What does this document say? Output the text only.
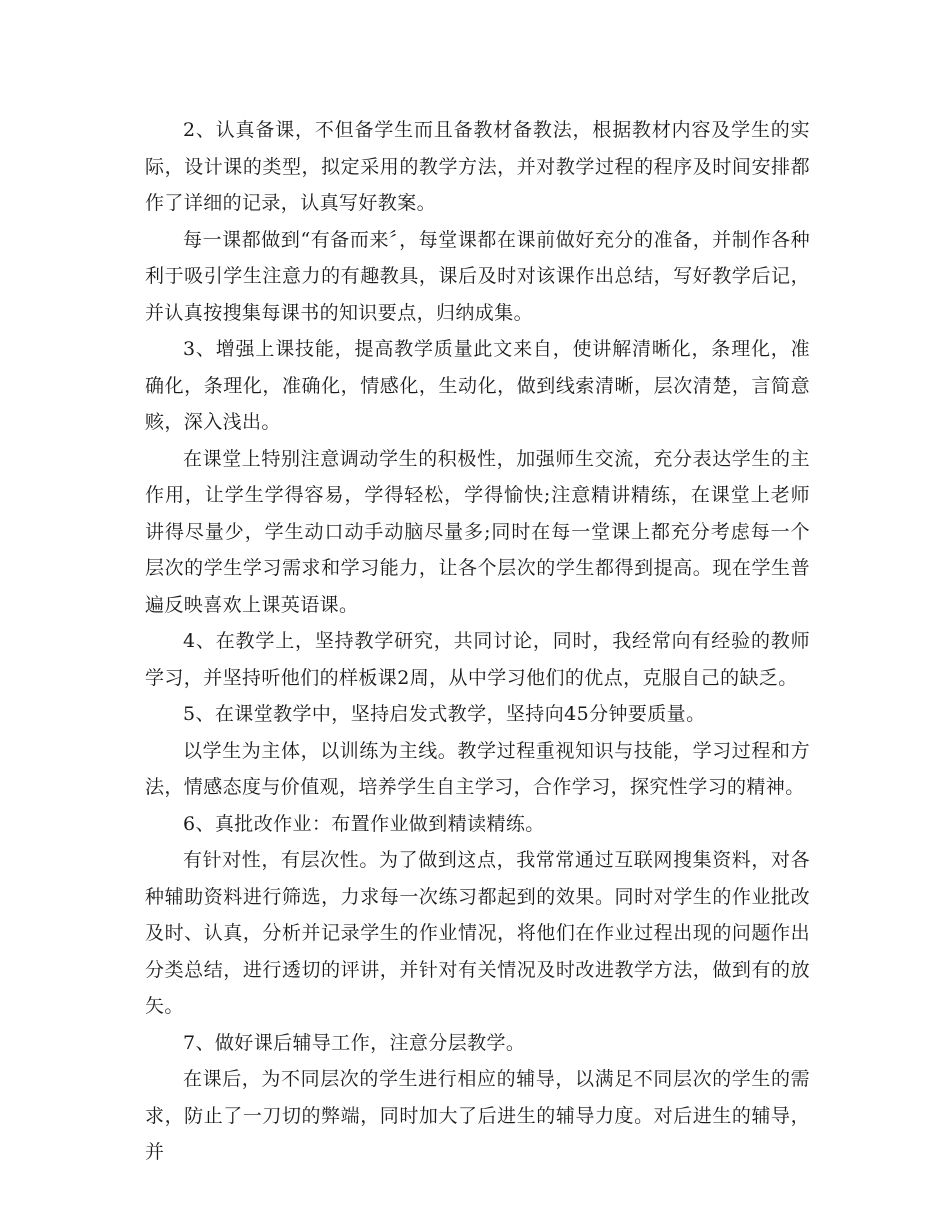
2、认真备课，不但备学生而且备教材备教法，根据教材内容及学生的实际，设计课的类型，拟定采用的教学方法，并对教学过程的程序及时间安排都作了详细的记录，认真写好教案。

每一课都做到“有备而来〞，每堂课都在课前做好充分的准备，并制作各种利于吸引学生注意力的有趣教具，课后及时对该课作出总结，写好教学后记，并认真按搜集每课书的知识要点，归纳成集。

3、增强上课技能，提高教学质量此文来自，使讲解清晰化，条理化，准确化，条理化，准确化，情感化，生动化，做到线索清晰，层次清楚，言简意赅，深入浅出。

在课堂上特别注意调动学生的积极性，加强师生交流，充分表达学生的主作用，让学生学得容易，学得轻松，学得愉快;注意精讲精练，在课堂上老师讲得尽量少，学生动口动手动脑尽量多;同时在每一堂课上都充分考虑每一个层次的学生学习需求和学习能力，让各个层次的学生都得到提高。现在学生普遍反映喜欢上课英语课。

4、在教学上，坚持教学研究，共同讨论，同时，我经常向有经验的教师学习，并坚持听他们的样板课2周，从中学习他们的优点，克服自己的缺乏。

5、在课堂教学中，坚持启发式教学，坚持向45分钟要质量。

以学生为主体，以训练为主线。教学过程重视知识与技能，学习过程和方法，情感态度与价值观，培养学生自主学习，合作学习，探究性学习的精神。

6、真批改作业：布置作业做到精读精练。

有针对性，有层次性。为了做到这点，我常常通过互联网搜集资料，对各种辅助资料进行筛选，力求每一次练习都起到的效果。同时对学生的作业批改及时、认真，分析并记录学生的作业情况，将他们在作业过程出现的问题作出分类总结，进行透切的评讲，并针对有关情况及时改进教学方法，做到有的放矢。

7、做好课后辅导工作，注意分层教学。

在课后，为不同层次的学生进行相应的辅导，以满足不同层次的学生的需求，防止了一刀切的弊端，同时加大了后进生的辅导力度。对后进生的辅导，并
